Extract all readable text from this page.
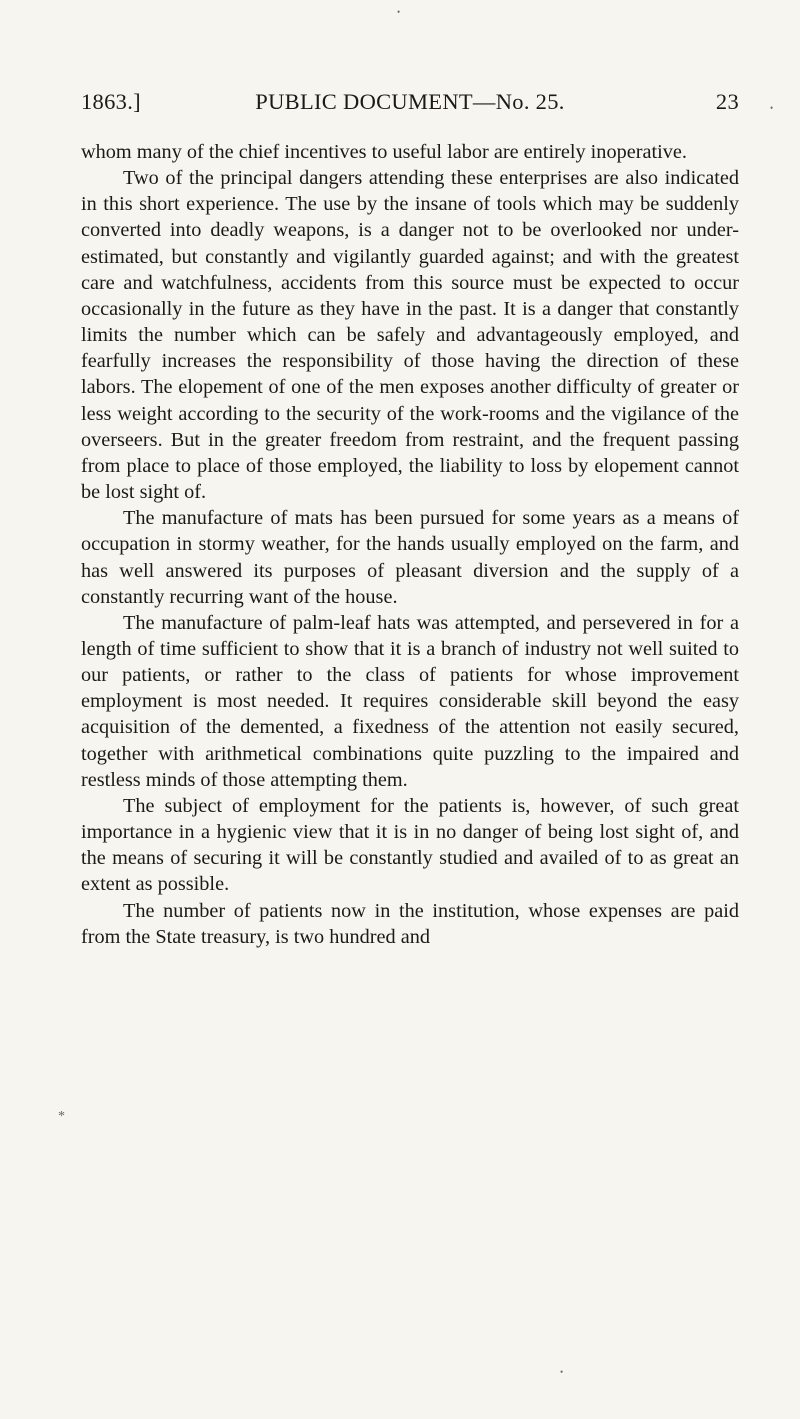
1863.]	PUBLIC DOCUMENT—No. 25.	23

whom many of the chief incentives to useful labor are entirely inoperative.

Two of the principal dangers attending these enterprises are also indicated in this short experience. The use by the insane of tools which may be suddenly converted into deadly weapons, is a danger not to be overlooked nor under-estimated, but constantly and vigilantly guarded against; and with the greatest care and watchfulness, accidents from this source must be expected to occur occasionally in the future as they have in the past. It is a danger that constantly limits the number which can be safely and advantageously employed, and fearfully increases the responsibility of those having the direction of these labors. The elopement of one of the men exposes another difficulty of greater or less weight according to the security of the work-rooms and the vigilance of the overseers. But in the greater freedom from restraint, and the frequent passing from place to place of those employed, the liability to loss by elopement cannot be lost sight of.

The manufacture of mats has been pursued for some years as a means of occupation in stormy weather, for the hands usually employed on the farm, and has well answered its purposes of pleasant diversion and the supply of a constantly recurring want of the house.

The manufacture of palm-leaf hats was attempted, and persevered in for a length of time sufficient to show that it is a branch of industry not well suited to our patients, or rather to the class of patients for whose improvement employment is most needed. It requires considerable skill beyond the easy acquisition of the demented, a fixedness of the attention not easily secured, together with arithmetical combinations quite puzzling to the impaired and restless minds of those attempting them.

The subject of employment for the patients is, however, of such great importance in a hygienic view that it is in no danger of being lost sight of, and the means of securing it will be constantly studied and availed of to as great an extent as possible.

The number of patients now in the institution, whose expenses are paid from the State treasury, is two hundred and

•
•
*
•
